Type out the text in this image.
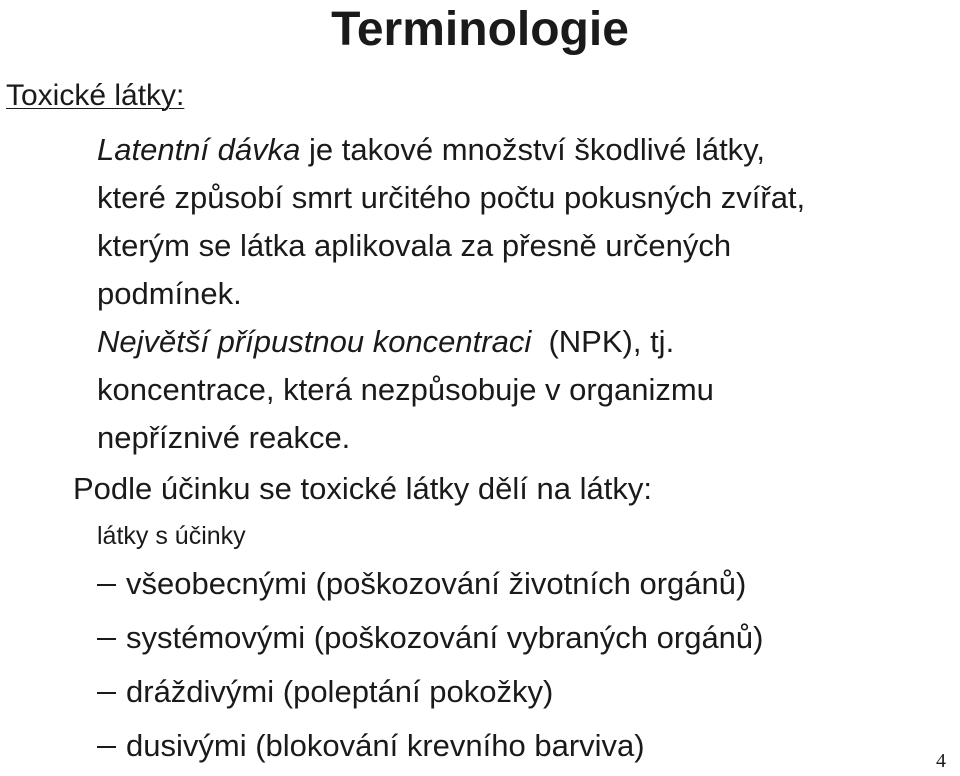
Terminologie
Toxické látky:
Latentní dávka je takové množství škodlivé látky,
které způsobí smrt určitého počtu pokusných zvířat,
kterým se látka aplikovala za přesně určených
podmínek.
Největší přípustnou koncentraci  (NPK), tj.
koncentrace, která nezpůsobuje v organizmu
nepříznivé reakce.
Podle účinku se toxické látky dělí na látky:
látky s účinky
všeobecnými (poškozování životních orgánů)
systémovými (poškozování vybraných orgánů)
dráždivými (poleptání pokožky)
dusivými (blokování krevního barviva)	4
